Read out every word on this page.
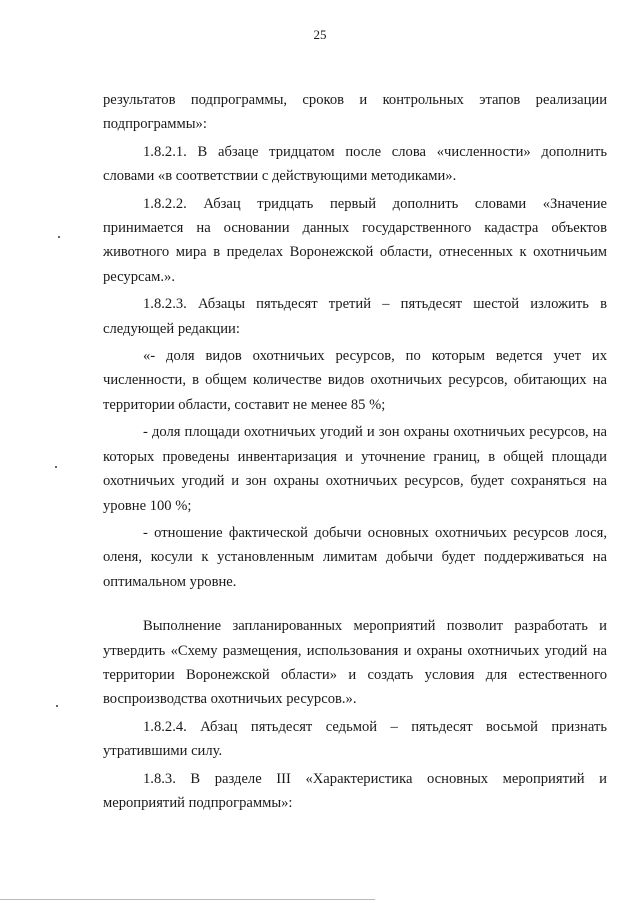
25

результатов подпрограммы, сроков и контрольных этапов реализации подпрограммы»:

1.8.2.1. В абзаце тридцатом после слова «численности» дополнить словами «в соответствии с действующими методиками».

1.8.2.2. Абзац тридцать первый дополнить словами «Значение принимается на основании данных государственного кадастра объектов животного мира в пределах Воронежской области, отнесенных к охотничьим ресурсам.».

1.8.2.3. Абзацы пятьдесят третий – пятьдесят шестой изложить в следующей редакции:

«- доля видов охотничьих ресурсов, по которым ведется учет их численности, в общем количестве видов охотничьих ресурсов, обитающих на территории области, составит не менее 85 %;

- доля площади охотничьих угодий и зон охраны охотничьих ресурсов, на которых проведены инвентаризация и уточнение границ, в общей площади охотничьих угодий и зон охраны охотничьих ресурсов, будет сохраняться на уровне 100 %;

- отношение фактической добычи основных охотничьих ресурсов лося, оленя, косули к установленным лимитам добычи будет поддерживаться на оптимальном уровне.

Выполнение запланированных мероприятий позволит разработать и утвердить «Схему размещения, использования и охраны охотничьих угодий на территории Воронежской области» и создать условия для естественного воспроизводства охотничьих ресурсов.».

1.8.2.4. Абзац пятьдесят седьмой – пятьдесят восьмой признать утратившими силу.

1.8.3. В разделе III «Характеристика основных мероприятий и мероприятий подпрограммы»:
